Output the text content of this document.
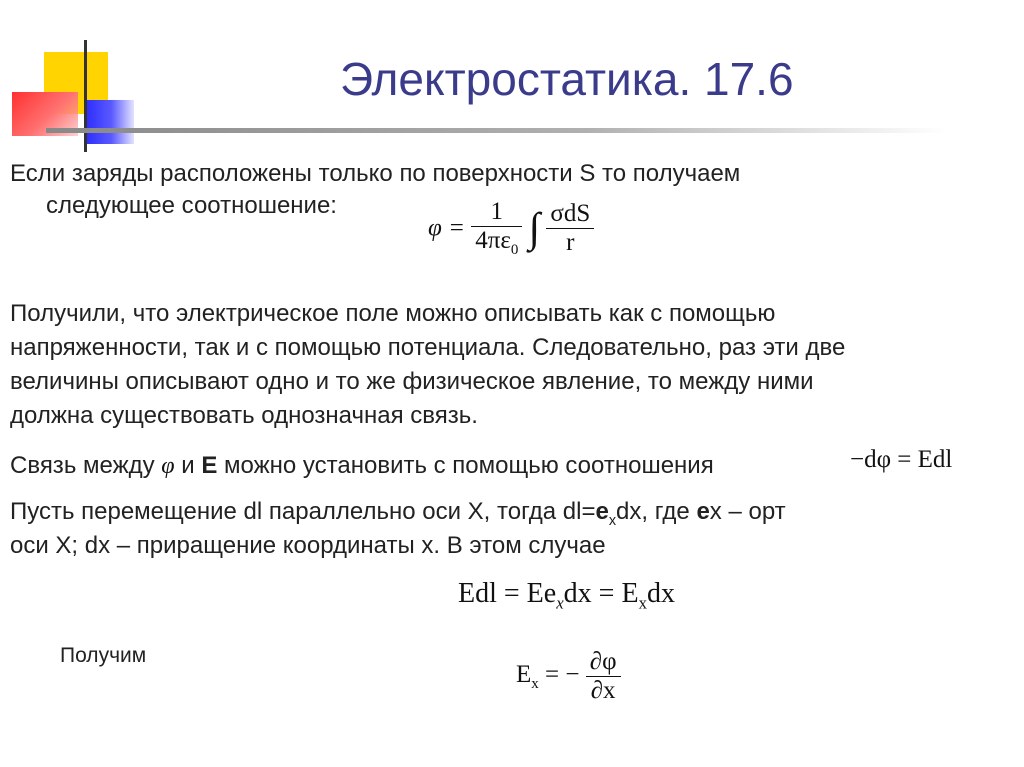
Электростатика. 17.6
Если заряды расположены только по поверхности S то получаем
следующее соотношение:
$\varphi = \frac{1}{4\pi\varepsilon_0}$ ∫ $\frac{\text{σdS}}{r}$
Получили, что электрическое поле можно описывать как с помощью
напряженности, так и с помощью потенциала. Следовательно, раз эти две
величины описывают одно и то же физическое явление, то между ними
должна существовать однозначная связь.
Связь между φ и E можно установить с помощью соотношения	−dφ = Edl
Пусть перемещение dl параллельно оси X, тогда $dl=e_xdx$, где ex – орт
оси X; dx – приращение координаты x. В этом случае
Edl = $Ee_xdx = E_xdx$
Получим
$E_x$ = − $\frac{\partial\varphi}{\partial x}$
